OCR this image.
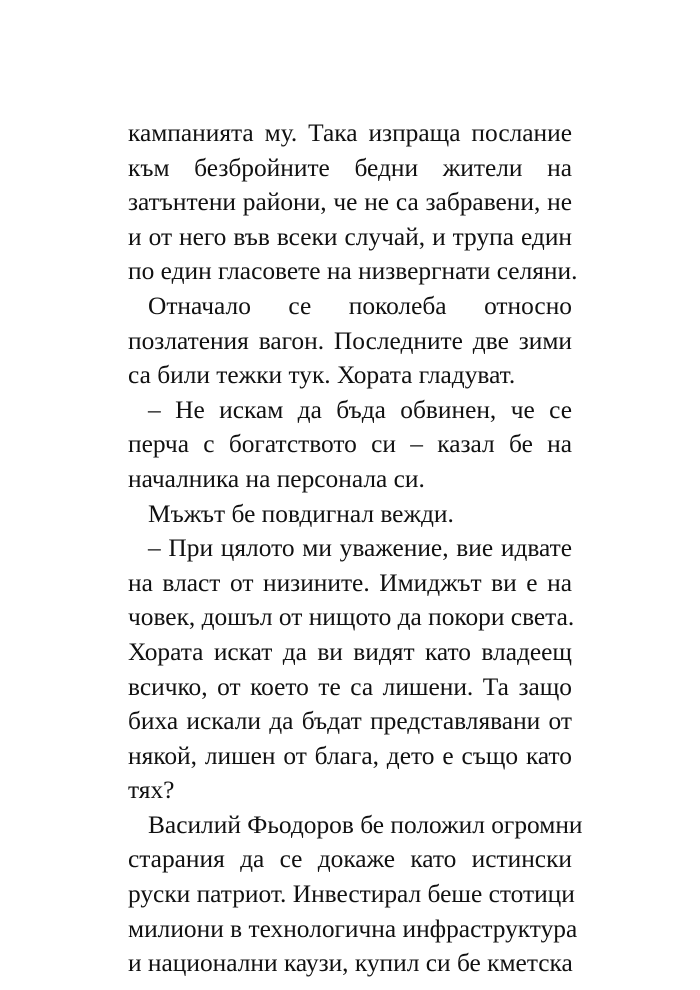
кампанията му. Така изпраща послание
към безбройните бедни жители на
затънтени райони, че не са забравени, не
и от него във всеки случай, и трупа един
по един гласовете на низвергнати селяни.

Отначало се поколеба относно
позлатения вагон. Последните две зими
са били тежки тук. Хората гладуват.

– Не искам да бъда обвинен, че се
перча с богатството си – казал бе на
началника на персонала си.

Мъжът бе повдигнал вежди.

– При цялото ми уважение, вие идвате
на власт от низините. Имиджът ви е на
човек, дошъл от нищото да покори света.
Хората искат да ви видят като владеещ
всичко, от което те са лишени. Та защо
биха искали да бъдат представлявани от
някой, лишен от блага, дето е също като
тях?

Василий Фьодоров бе положил огромни
старания да се докаже като истински
руски патриот. Инвестирал беше стотици
милиони в технологична инфраструктура
и национални каузи, купил си бе кметска
